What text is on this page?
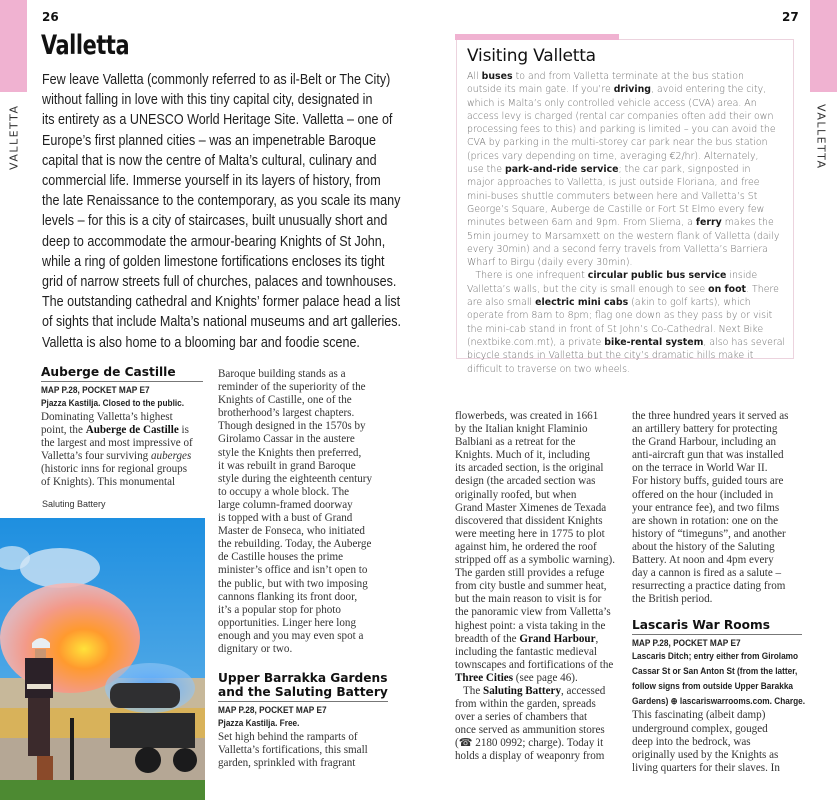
VALLETTA	VALLETTA
26	27
Valletta
Few leave Valletta (commonly referred to as il-Belt or The City)
without falling in love with this tiny capital city, designated in
its entirety as a UNESCO World Heritage Site. Valletta – one of
Europe’s first planned cities – was an impenetrable Baroque
capital that is now the centre of Malta’s cultural, culinary and
commercial life. Immerse yourself in its layers of history, from
the late Renaissance to the contemporary, as you scale its many
levels – for this is a city of staircases, built unusually short and
deep to accommodate the armour-bearing Knights of St John,
while a ring of golden limestone fortifications encloses its tight
grid of narrow streets full of churches, palaces and townhouses.
The outstanding cathedral and Knights’ former palace head a list
of sights that include Malta’s national museums and art galleries.
Valletta is also home to a blooming bar and foodie scene.
Visiting Valletta
All buses to and from Valletta terminate at the bus station
outside its main gate. If you’re driving, avoid entering the city,
which is Malta’s only controlled vehicle access (CVA) area. An
access levy is charged (rental car companies often add their own
processing fees to this) and parking is limited – you can avoid the
CVA by parking in the multi-storey car park near the bus station
(prices vary depending on time, averaging €2/hr). Alternately,
use the park-and-ride service; the car park, signposted in
major approaches to Valletta, is just outside Floriana, and free
mini-buses shuttle commuters between here and Valletta’s St
George’s Square, Auberge de Castille or Fort St Elmo every few
minutes between 6am and 9pm. From Sliema, a ferry makes the
5min journey to Marsamxett on the western flank of Valletta (daily
every 30min) and a second ferry travels from Valletta’s Barriera
Wharf to Birgu (daily every 30min).
There is one infrequent circular public bus service inside
Valletta’s walls, but the city is small enough to see on foot. There
are also small electric mini cabs (akin to golf karts), which
operate from 8am to 8pm; flag one down as they pass by or visit
the mini-cab stand in front of St John’s Co-Cathedral. Next Bike
(nextbike.com.mt), a private bike-rental system, also has several
bicycle stands in Valletta but the city’s dramatic hills make it
difficult to traverse on two wheels.
Auberge de Castille
MAP P.28, POCKET MAP E7
Pjazza Kastilja. Closed to the public.
Dominating Valletta’s highest
point, the Auberge de Castille is
the largest and most impressive of
Valletta’s four surviving auberges
(historic inns for regional groups
of Knights). This monumental
Saluting Battery
Baroque building stands as a
reminder of the superiority of the
Knights of Castille, one of the
brotherhood’s largest chapters.
Though designed in the 1570s by
Girolamo Cassar in the austere
style the Knights then preferred,
it was rebuilt in grand Baroque
style during the eighteenth century
to occupy a whole block. The
large column-framed doorway
is topped with a bust of Grand
Master de Fonseca, who initiated
the rebuilding. Today, the Auberge
de Castille houses the prime
minister’s office and isn’t open to
the public, but with two imposing
cannons flanking its front door,
it’s a popular stop for photo
opportunities. Linger here long
enough and you may even spot a
dignitary or two.
Upper Barrakka Gardens
and the Saluting Battery
MAP P.28, POCKET MAP E7
Pjazza Kastilja. Free.
Set high behind the ramparts of
Valletta’s fortifications, this small
garden, sprinkled with fragrant
flowerbeds, was created in 1661
by the Italian knight Flaminio
Balbiani as a retreat for the
Knights. Much of it, including
its arcaded section, is the original
design (the arcaded section was
originally roofed, but when
Grand Master Ximenes de Texada
discovered that dissident Knights
were meeting here in 1775 to plot
against him, he ordered the roof
stripped off as a symbolic warning).
The garden still provides a refuge
from city bustle and summer heat,
but the main reason to visit is for
the panoramic view from Valletta’s
highest point: a vista taking in the
breadth of the Grand Harbour,
including the fantastic medieval
townscapes and fortifications of the
Three Cities (see page 46).
The Saluting Battery, accessed
from within the garden, spreads
over a series of chambers that
once served as ammunition stores
(☎ 2180 0992; charge). Today it
holds a display of weaponry from
the three hundred years it served as
an artillery battery for protecting
the Grand Harbour, including an
anti-aircraft gun that was installed
on the terrace in World War II.
For history buffs, guided tours are
offered on the hour (included in
your entrance fee), and two films
are shown in rotation: one on the
history of “timeguns”, and another
about the history of the Saluting
Battery. At noon and 4pm every
day a cannon is fired as a salute –
resurrecting a practice dating from
the British period.
Lascaris War Rooms
MAP P.28, POCKET MAP E7
Lascaris Ditch; entry either from Girolamo
Cassar St or San Anton St (from the latter,
follow signs from outside Upper Barakka
Gardens) ⊕ lascariswarrooms.com. Charge.
This fascinating (albeit damp)
underground complex, gouged
deep into the bedrock, was
originally used by the Knights as
living quarters for their slaves. In
